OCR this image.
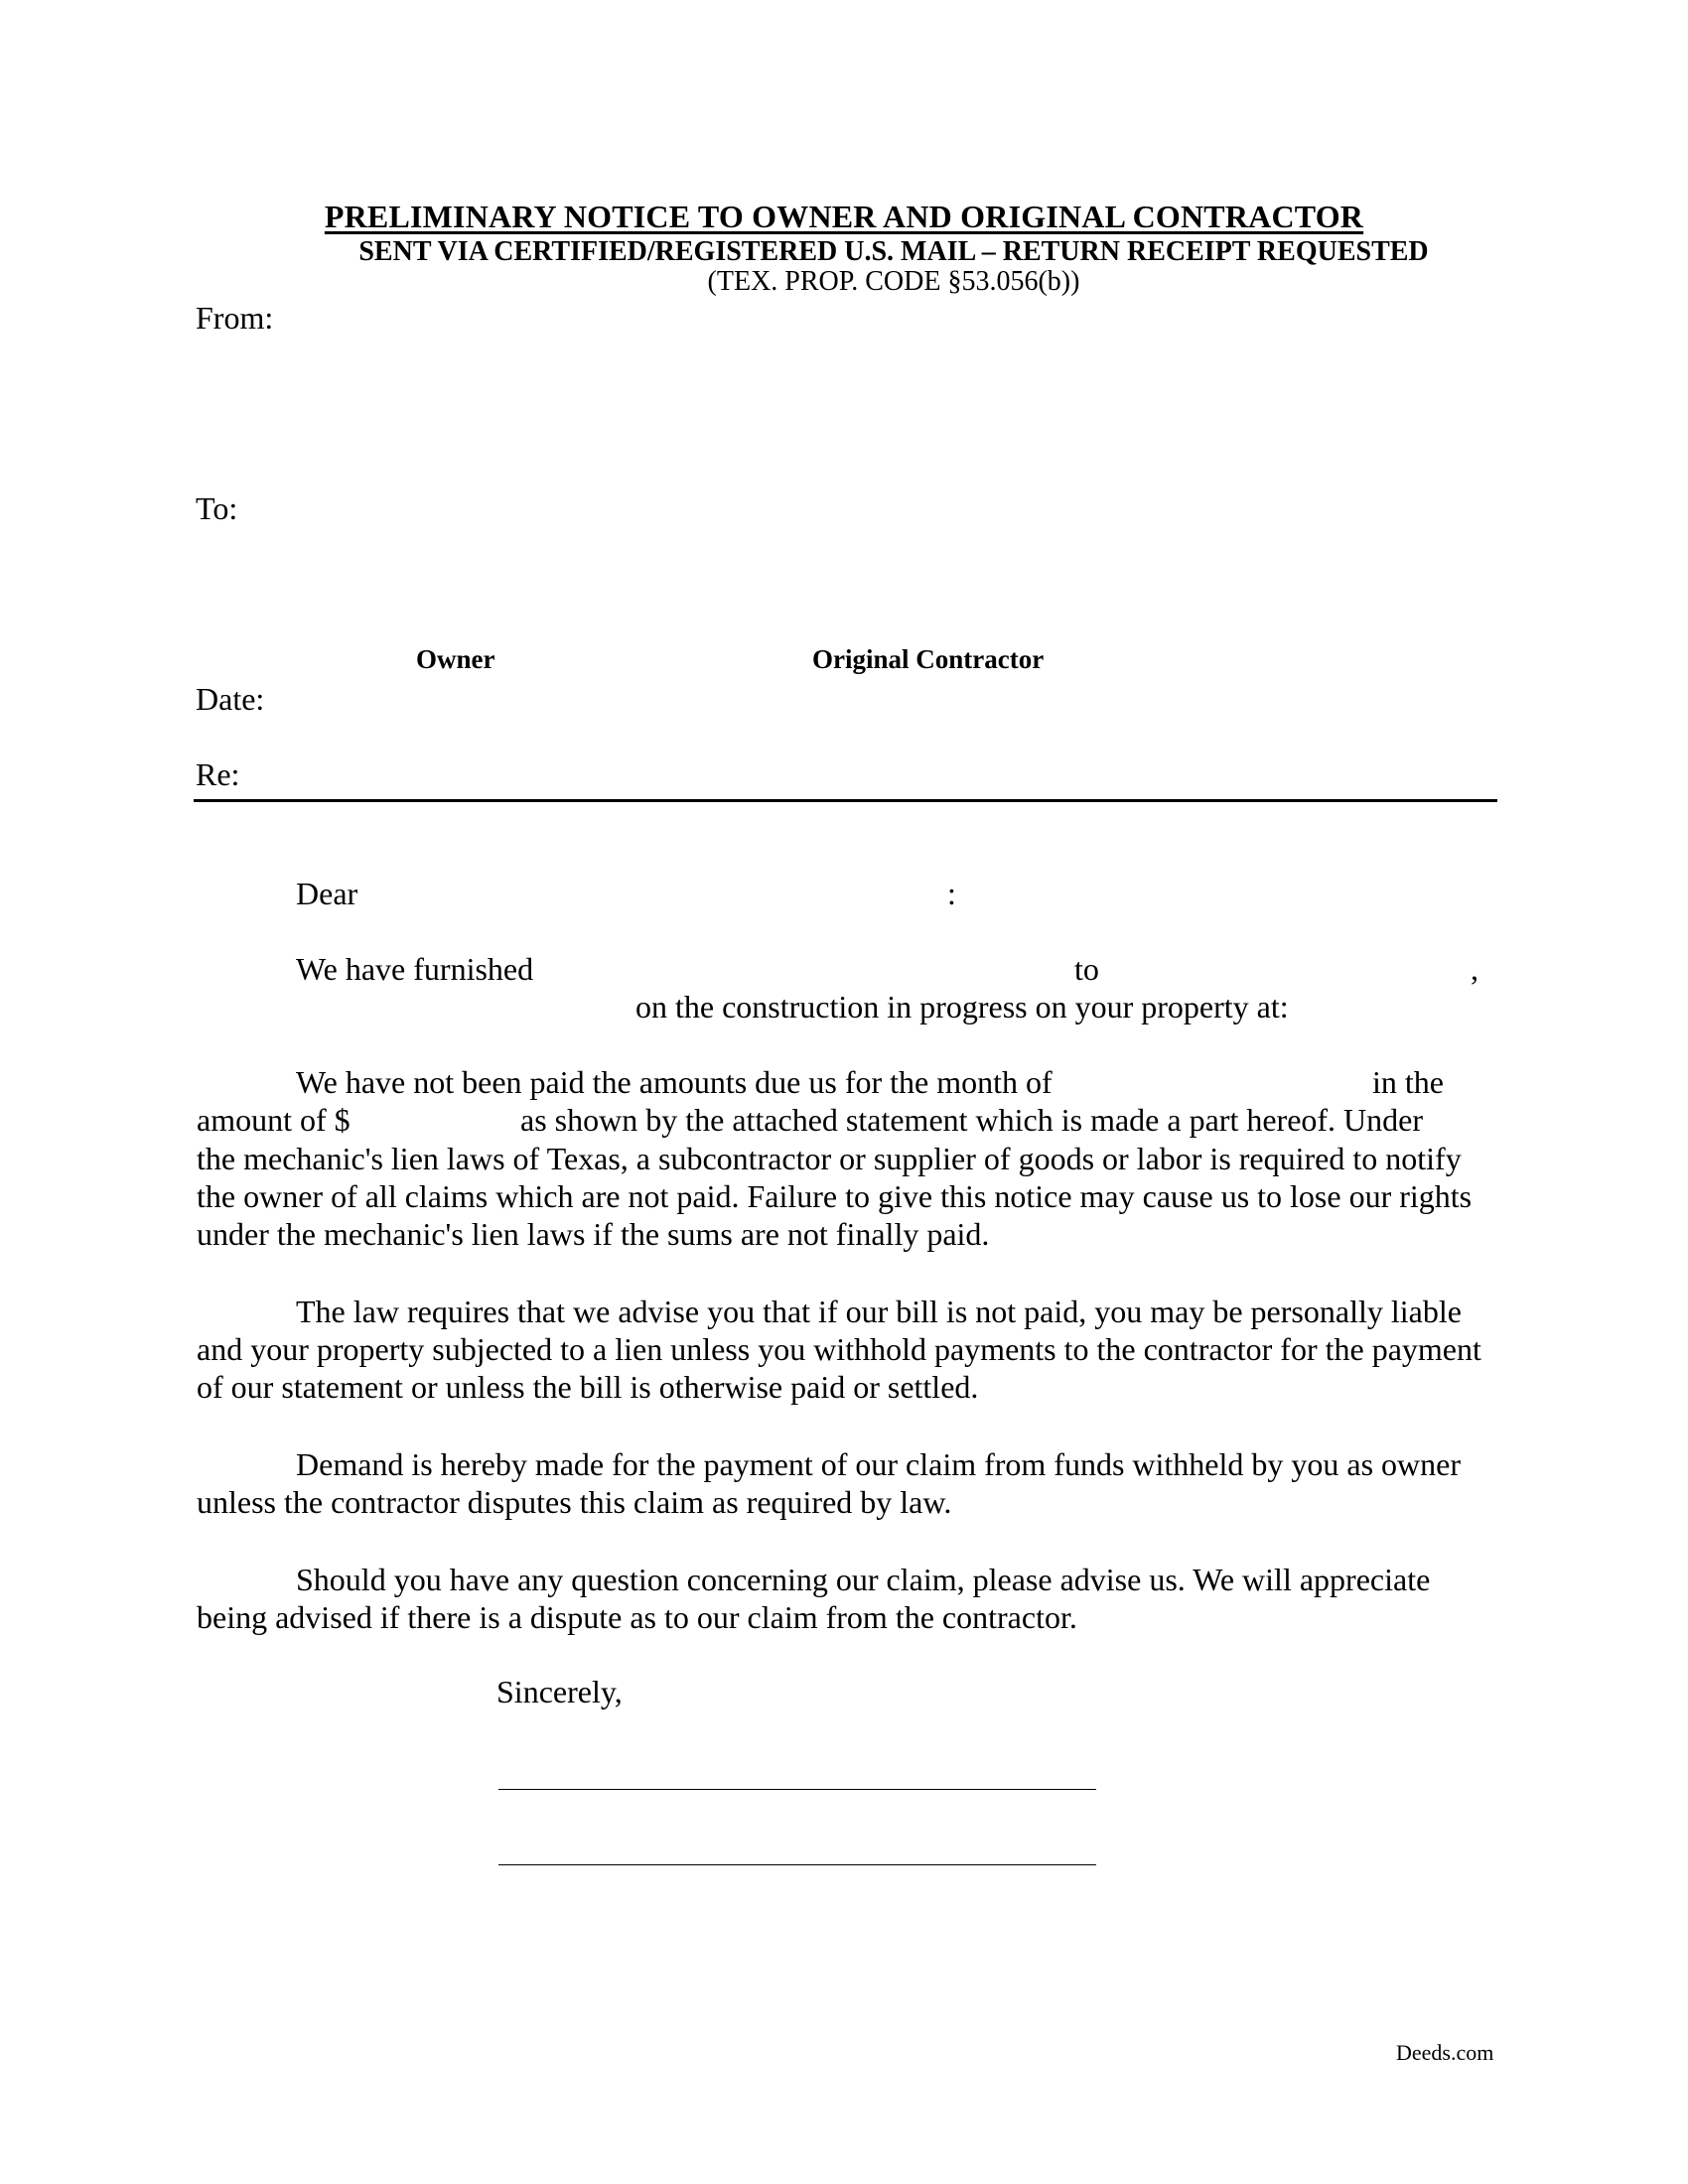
PRELIMINARY NOTICE TO OWNER AND ORIGINAL CONTRACTOR
SENT VIA CERTIFIED/REGISTERED U.S. MAIL – RETURN RECEIPT REQUESTED
(TEX. PROP. CODE §53.056(b))
From:
To:
Owner	Original Contractor
Date:
Re:
Dear	:
We have furnished	to	,
on the construction in progress on your property at:
We have not been paid the amounts due us for the month of	in the
amount of $	as shown by the attached statement which is made a part hereof. Under
the mechanic's lien laws of Texas, a subcontractor or supplier of goods or labor is required to notify the owner of all claims which are not paid. Failure to give this notice may cause us to lose our rights under the mechanic's lien laws if the sums are not finally paid.
The law requires that we advise you that if our bill is not paid, you may be personally liable and your property subjected to a lien unless you withhold payments to the contractor for the payment of our statement or unless the bill is otherwise paid or settled.
Demand is hereby made for the payment of our claim from funds withheld by you as owner unless the contractor disputes this claim as required by law.
Should you have any question concerning our claim, please advise us. We will appreciate being advised if there is a dispute as to our claim from the contractor.
Sincerely,
Deeds.com
